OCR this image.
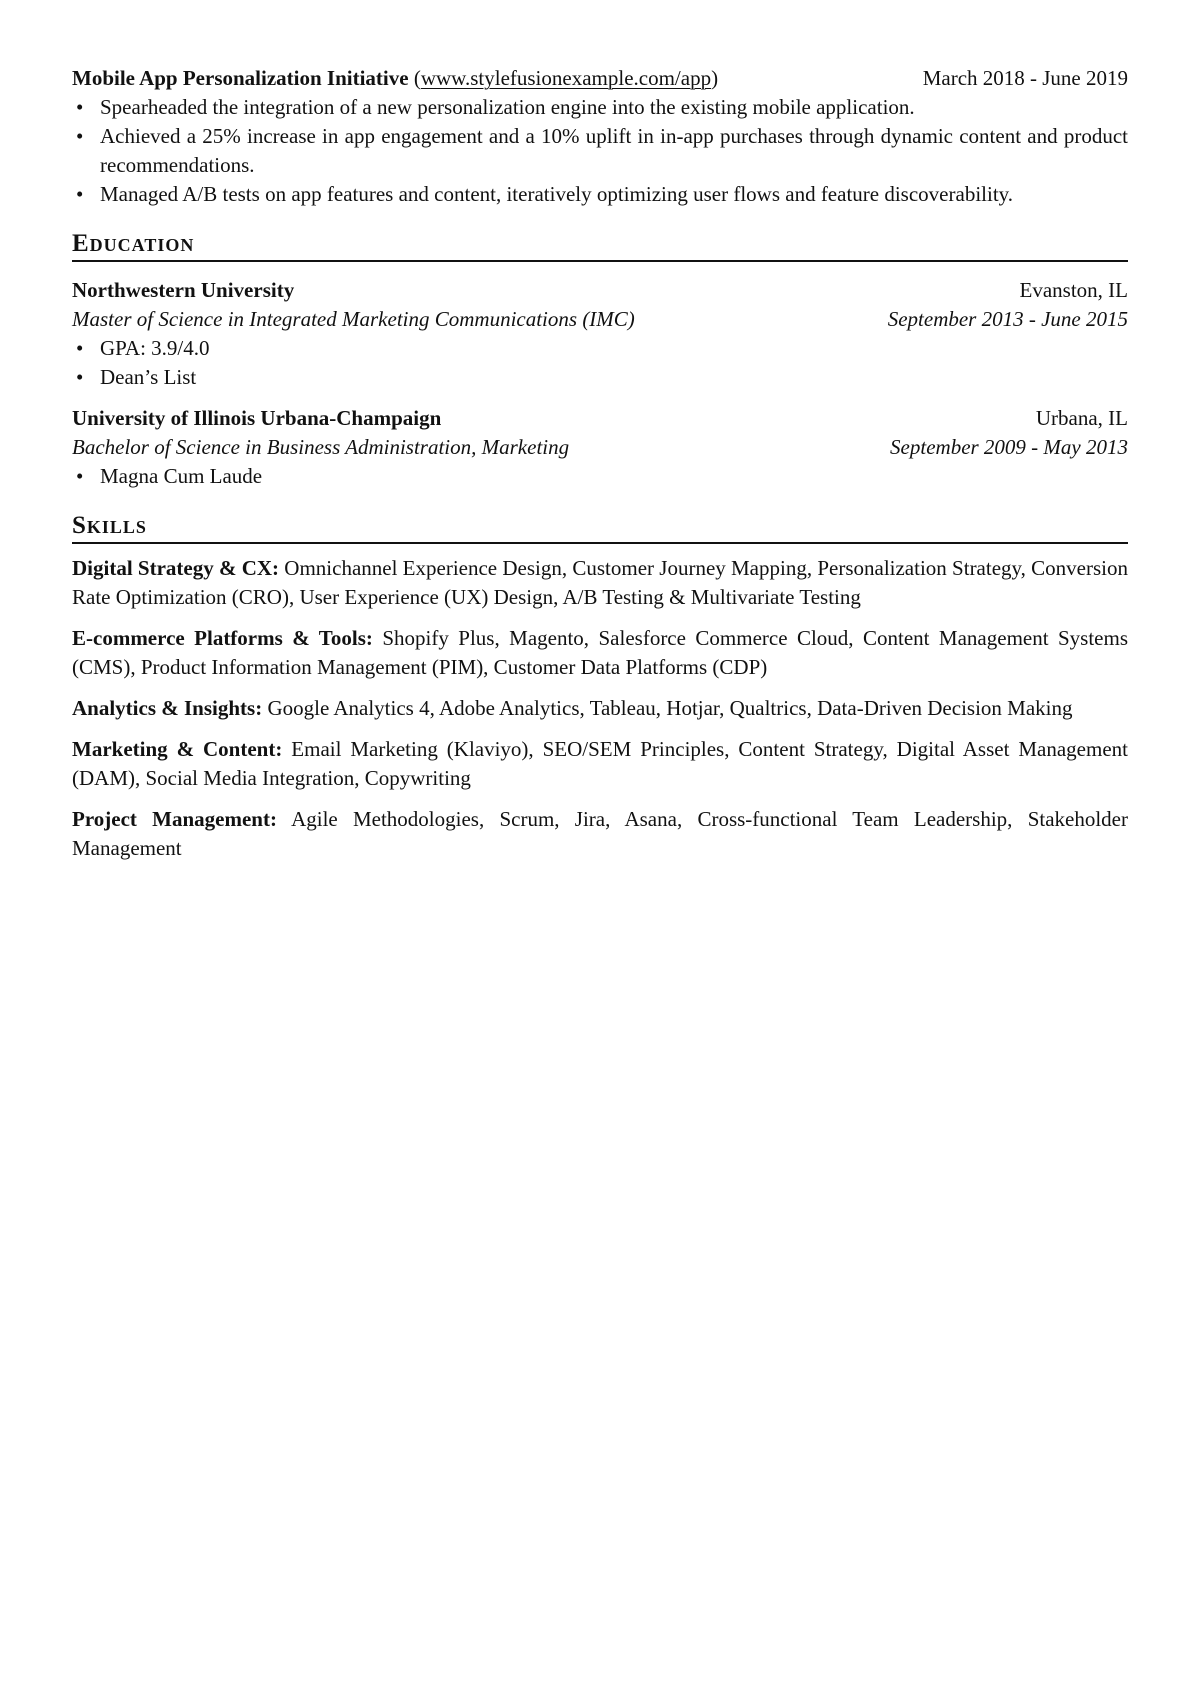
Mobile App Personalization Initiative (www.stylefusionexample.com/app)	March 2018 - June 2019
• Spearheaded the integration of a new personalization engine into the existing mobile application.
• Achieved a 25% increase in app engagement and a 10% uplift in in-app purchases through dynamic content and product recommendations.
• Managed A/B tests on app features and content, iteratively optimizing user flows and feature discoverability.
Education
Northwestern University	Evanston, IL
Master of Science in Integrated Marketing Communications (IMC)	September 2013 - June 2015
• GPA: 3.9/4.0
• Dean’s List
University of Illinois Urbana-Champaign	Urbana, IL
Bachelor of Science in Business Administration, Marketing	September 2009 - May 2013
• Magna Cum Laude
Skills

Digital Strategy & CX: Omnichannel Experience Design, Customer Journey Mapping, Personalization Strategy, Conversion Rate Optimization (CRO), User Experience (UX) Design, A/B Testing & Multivariate Testing

E-commerce Platforms & Tools: Shopify Plus, Magento, Salesforce Commerce Cloud, Content Management Systems (CMS), Product Information Management (PIM), Customer Data Platforms (CDP)

Analytics & Insights: Google Analytics 4, Adobe Analytics, Tableau, Hotjar, Qualtrics, Data-Driven Decision Making

Marketing & Content: Email Marketing (Klaviyo), SEO/SEM Principles, Content Strategy, Digital Asset Management (DAM), Social Media Integration, Copywriting

Project Management: Agile Methodologies, Scrum, Jira, Asana, Cross-functional Team Leadership, Stakeholder Management
